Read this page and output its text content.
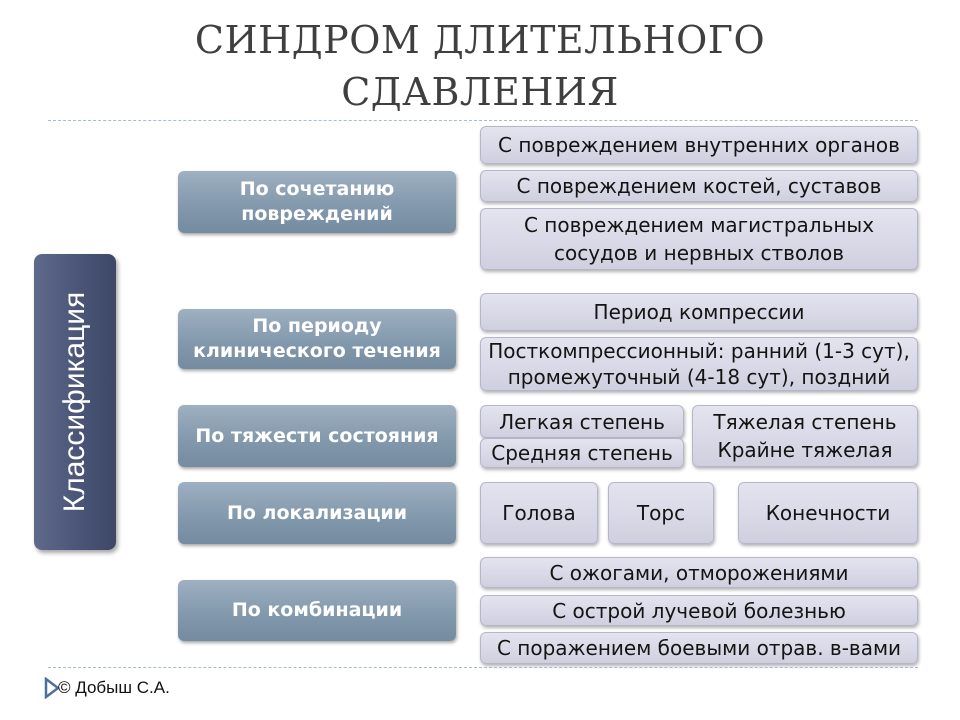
СИНДРОМ ДЛИТЕЛЬНОГО СДАВЛЕНИЯ
Классификация
По сочетанию повреждений
По периоду клинического течения
По тяжести состояния
По локализации
По комбинации
С повреждением внутренних органов
С повреждением костей, суставов
С повреждением магистральных сосудов и нервных стволов
Период компрессии
Посткомпрессионный: ранний (1-3 сут), промежуточный (4-18 сут), поздний
Легкая степень
Средняя степень
Тяжелая степень Крайне тяжелая
Голова	Торс	Конечности
С ожогами, отморожениями
С острой лучевой болезнью
С поражением боевыми отрав. в-вами
© Добыш С.А.
